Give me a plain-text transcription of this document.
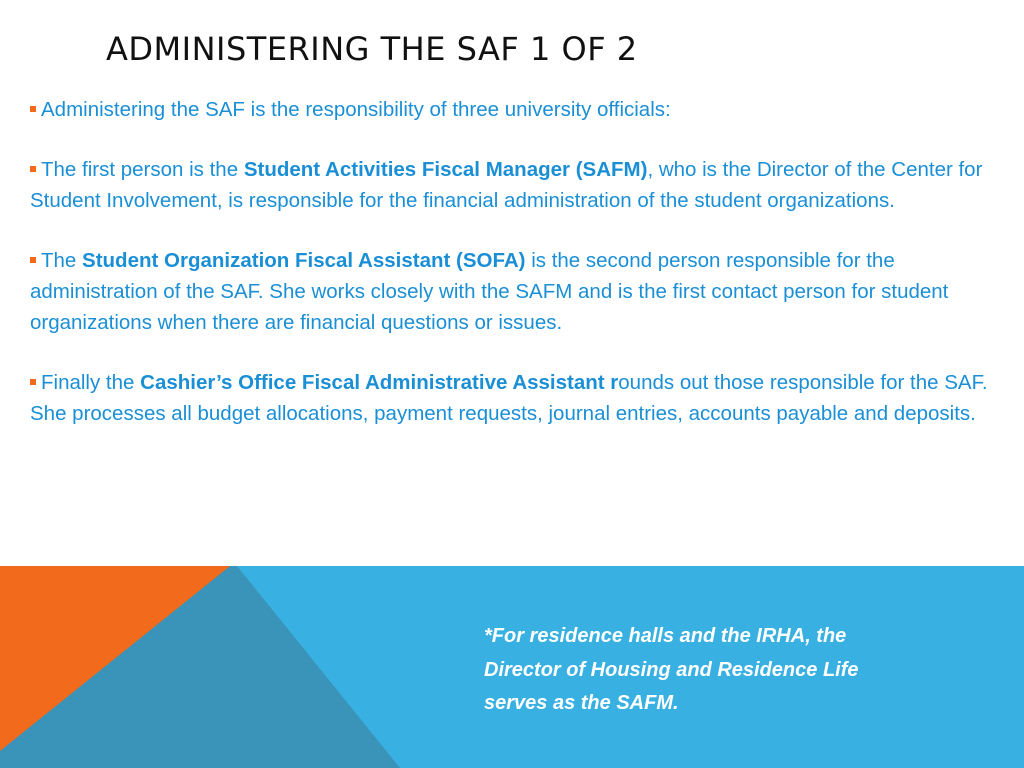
ADMINISTERING THE SAF 1 OF 2

Administering the SAF is the responsibility of three university officials:

The first person is the Student Activities Fiscal Manager (SAFM), who is the Director of the Center for Student Involvement, is responsible for the financial administration of the student organizations.

The Student Organization Fiscal Assistant (SOFA) is the second person responsible for the administration of the SAF. She works closely with the SAFM and is the first contact person for student organizations when there are financial questions or issues.

Finally the Cashier’s Office Fiscal Administrative Assistant rounds out those responsible for the SAF. She processes all budget allocations, payment requests, journal entries, accounts payable and deposits.

*For residence halls and the IRHA, the
Director of Housing and Residence Life
serves as the SAFM.
